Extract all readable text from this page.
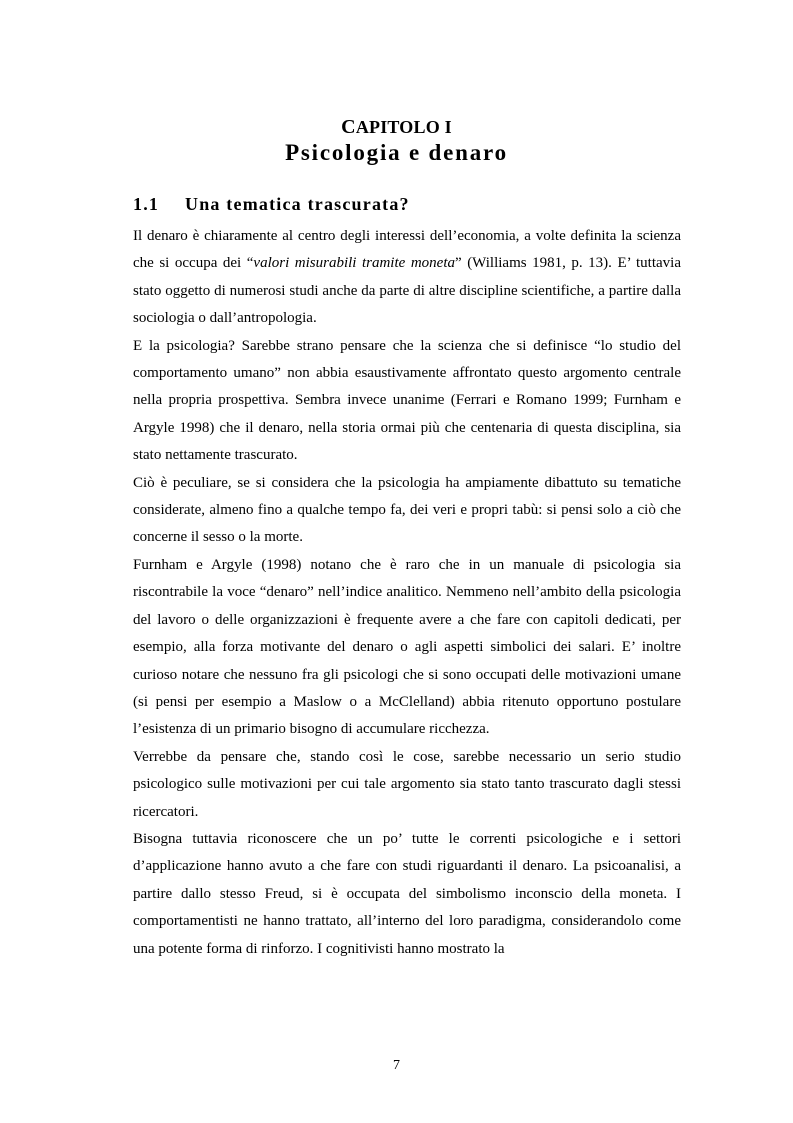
CAPITOLO I
Psicologia e denaro
1.1 Una tematica trascurata?

Il denaro è chiaramente al centro degli interessi dell’economia, a volte definita la scienza che si occupa dei “valori misurabili tramite moneta” (Williams 1981, p. 13). E’ tuttavia stato oggetto di numerosi studi anche da parte di altre discipline scientifiche, a partire dalla sociologia o dall’antropologia.

E la psicologia? Sarebbe strano pensare che la scienza che si definisce “lo studio del comportamento umano” non abbia esaustivamente affrontato questo argomento centrale nella propria prospettiva. Sembra invece unanime (Ferrari e Romano 1999; Furnham e Argyle 1998) che il denaro, nella storia ormai più che centenaria di questa disciplina, sia stato nettamente trascurato.

Ciò è peculiare, se si considera che la psicologia ha ampiamente dibattuto su tematiche considerate, almeno fino a qualche tempo fa, dei veri e propri tabù: si pensi solo a ciò che concerne il sesso o la morte.

Furnham e Argyle (1998) notano che è raro che in un manuale di psicologia sia riscontrabile la voce “denaro” nell’indice analitico. Nemmeno nell’ambito della psicologia del lavoro o delle organizzazioni è frequente avere a che fare con capitoli dedicati, per esempio, alla forza motivante del denaro o agli aspetti simbolici dei salari. E’ inoltre curioso notare che nessuno fra gli psicologi che si sono occupati delle motivazioni umane (si pensi per esempio a Maslow o a McClelland) abbia ritenuto opportuno postulare l’esistenza di un primario bisogno di accumulare ricchezza.

Verrebbe da pensare che, stando così le cose, sarebbe necessario un serio studio psicologico sulle motivazioni per cui tale argomento sia stato tanto trascurato dagli stessi ricercatori.

Bisogna tuttavia riconoscere che un po’ tutte le correnti psicologiche e i settori d’applicazione hanno avuto a che fare con studi riguardanti il denaro. La psicoanalisi, a partire dallo stesso Freud, si è occupata del simbolismo inconscio della moneta. I comportamentisti ne hanno trattato, all’interno del loro paradigma, considerandolo come una potente forma di rinforzo. I cognitivisti hanno mostrato la

7
